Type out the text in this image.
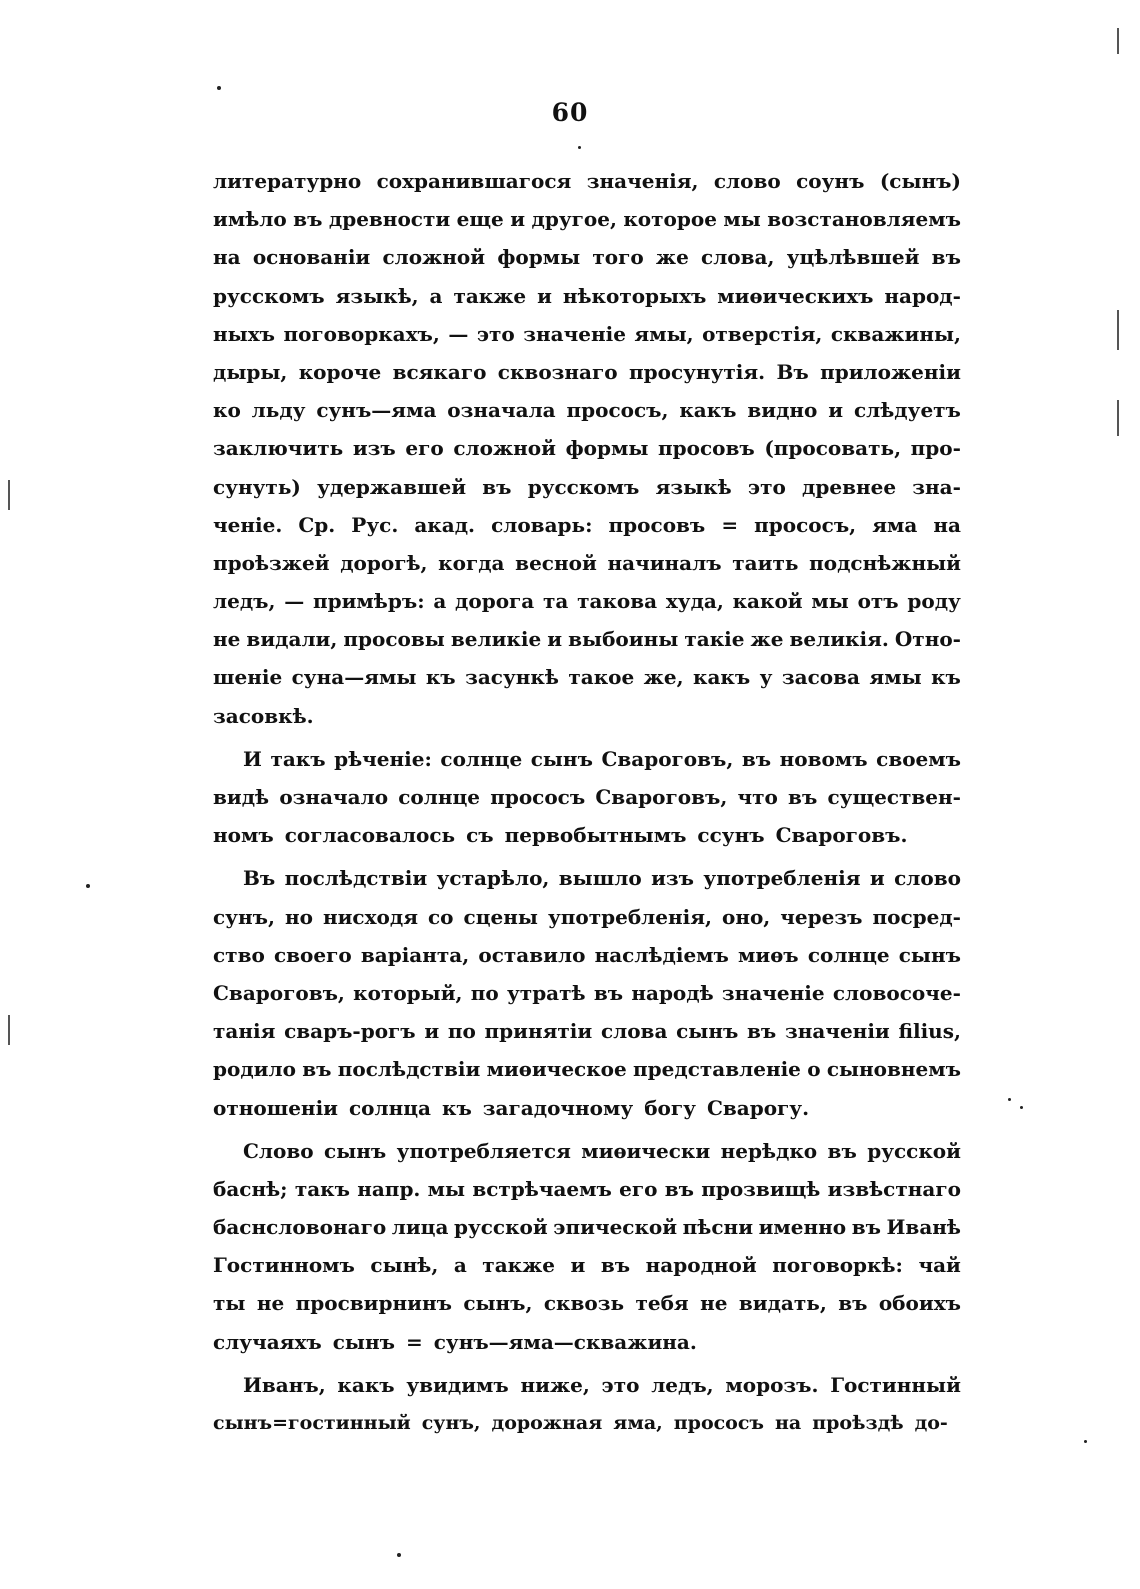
60
литературно сохранившагося значенія, слово соунъ (сынъ)
имѣло въ древности еще и другое, которое мы возстановляемъ
на основаніи сложной формы того же слова, уцѣлѣвшей въ
русскомъ языкѣ, а также и нѣкоторыхъ миѳическихъ народ-
ныхъ поговоркахъ, — это значеніе ямы, отверстія, скважины,
дыры, короче всякаго сквознаго просунутія. Въ приложеніи
ко льду сунъ—яма означала прососъ, какъ видно и слѣдуетъ
заключить изъ его сложной формы просовъ (просовать, про-
сунуть) удержавшей въ русскомъ языкѣ это древнее зна-
ченіе. Ср. Рус. акад. словарь: просовъ = прососъ, яма на
проѣзжей дорогѣ, когда весной начиналъ таить подснѣжный
ледъ, — примѣръ: а дорога та такова худа, какой мы отъ роду
не видали, просовы великіе и выбоины такіе же великія. Отно-
шеніе суна—ямы къ засункѣ такое же, какъ у засова ямы къ
засовкѣ.
И такъ рѣченіе: солнце сынъ Свароговъ, въ новомъ своемъ
видѣ означало солнце прососъ Свароговъ, что въ существен-
номъ согласовалось съ первобытнымъ ссунъ Свароговъ.
Въ послѣдствіи устарѣло, вышло изъ употребленія и слово
сунъ, но нисходя со сцены употребленія, оно, черезъ посред-
ство своего варіанта, оставило наслѣдіемъ миѳъ солнце сынъ
Свароговъ, который, по утратѣ въ народѣ значеніе словосоче-
танія сваръ-рогъ и по принятіи слова сынъ въ значеніи filius,
родило въ послѣдствіи миѳическое представленіе о сыновнемъ
отношеніи солнца къ загадочному богу Сварогу.
Слово сынъ употребляется миѳически нерѣдко въ русской
баснѣ; такъ напр. мы встрѣчаемъ его въ прозвищѣ извѣстнаго
баснсловонаго лица русской эпической пѣсни именно въ Иванѣ
Гостинномъ сынѣ, а также и въ народной поговоркѣ: чай
ты не просвирнинъ сынъ, сквозь тебя не видать, въ обоихъ
случаяхъ сынъ = сунъ—яма—скважина.
Иванъ, какъ увидимъ ниже, это ледъ, морозъ. Гостинный
сынъ=гостинный сунъ, дорожная яма, прососъ на проѣздѣ до-
